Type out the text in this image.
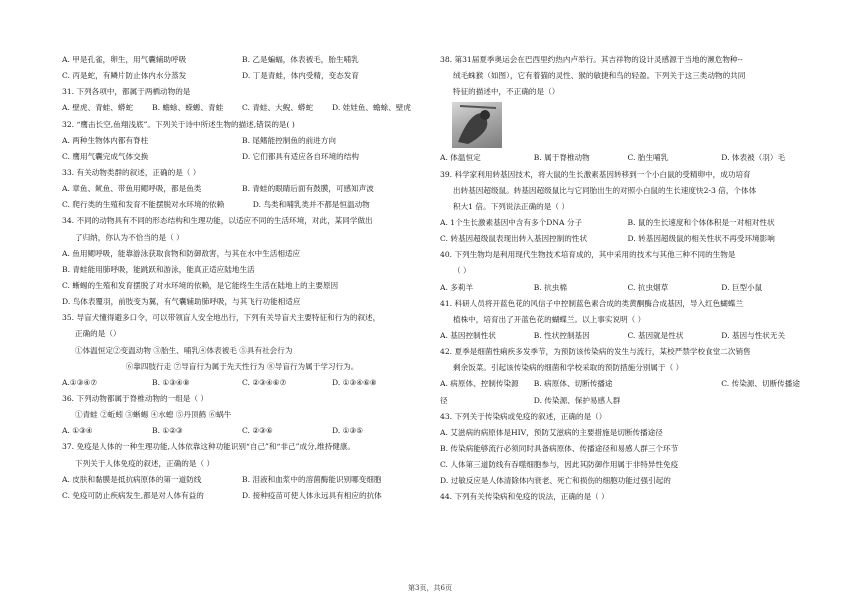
A. 甲是孔雀，卵生，用气囊辅助呼吸	B. 乙是蝙蝠，体表被毛，胎生哺乳
C. 丙是蛇，有鳞片防止体内水分蒸发	D. 丁是青蛙，体内受精，变态发育
31. 下列各项中，都属于两栖动物的是
A. 壁虎、青蛙、蟒蛇	B. 蟾蜍、蝾螈、青蛙	C. 青蛙、大鲵、蟒蛇	D. 娃娃鱼、蟾蜍、壁虎
32. “鹰击长空,鱼翔浅底”。下列关于诗中所述生物的描述,错误的是( )
A. 两种生物体内都有脊柱	B. 尾鳍能控制鱼的前进方向
C. 鹰用气囊完成气体交换	D. 它们都具有适应各自环境的结构
33. 有关动物类群的叙述，正确的是（ ）
A. 章鱼、鱿鱼、带鱼用鳃呼吸，都是鱼类	B. 青蛙的眼睛后面有鼓膜，可感知声波
C. 爬行类的生殖和发育不能摆脱对水环境的依赖	D. 鸟类和哺乳类并不都是恒温动物
34. 不同的动物具有不同的形态结构和生理功能，以适应不同的生活环境，对此，某同学做出
了归纳，你认为不恰当的是（ ）
A. 鱼用鳃呼吸，能靠游泳获取食物和防御敌害，与其在水中生活相适应
B. 青蛙能用肺呼吸，能跳跃和游泳，能真正适应陆地生活
C. 蜥蜴的生殖和发育摆脱了对水环境的依赖，是它能终生生活在陆地上的主要原因
D. 鸟体表覆羽，前肢变为翼，有气囊辅助肺呼吸，与其飞行功能相适应
35. 导盲犬懂得避多口令，可以带领盲人安全地出行，下列有关导盲犬主要特征和行为的叙述，
正确的是（）
①体温恒定②变温动物 ③胎生、哺乳④体表被毛 ⑤具有社会行为
⑥靠四肢行走 ⑦导盲行为属于先天性行为 ⑧导盲行为属于学习行为。
A.①③④⑦	B. ①③④⑧	C. ②③④⑥⑦	D. ①③④⑥⑧
36. 下列动物都属于脊椎动物的一组是（ ）
①青蛙 ②蚯蚓 ③蜥蜴 ④水螅 ⑤丹顶鹤 ⑥蜗牛
A. ①③④	B. ①②③	C. ②③⑥	D. ①③⑤
37. 免疫是人体的一种生理功能,人体依靠这种功能识别“自己”和“非己”成分,维持健康。
下列关于人体免疫的叙述，正确的是（ ）
A. 皮肤和黏膜是抵抗病原体的第一道防线	B. 泪液和血浆中的溶菌酶能识别哪变细胞
C. 免疫可防止疾病发生,都是对人体有益的	D. 接种疫苗可使人体永远具有相应的抗体
38. 第31届夏季奥运会在巴西里约热内卢举行。其吉祥物的设计灵感源于当地的濒危物种--
绒毛蛛猴（如图），它有着猫的灵性、猴的敏捷和鸟的轻盈。下列关于这三类动物的共同
特征的描述中，不正确的是（）
A. 体温恒定	B. 属于脊椎动物	C. 胎生哺乳	D. 体表被（羽）毛
39. 科学家利用转基因技术，将大鼠的生长激素基因转移到一个小白鼠的受精卵中，成功培育
出转基因超级鼠。转基因超级鼠比与它同胎出生的对照小白鼠的生长速度快2-3 倍，个体体
积大1 倍。下列说法正确的是（ ）
A. 1个生长激素基因中含有多个DNA 分子	B. 鼠的生长速度和个体体积是一对相对性状
C. 转基因超级鼠表现出转入基因控制的性状	D. 转基因超级鼠的相关性状不再受环境影响
40. 下列生物均是利用现代生物技术培育成的，其中采用的技术与其他三种不同的生物是
（ ）
A. 多莉羊	B. 抗虫棉	C. 抗虫烟草	D. 巨型小鼠
41. 科研人员将开蓝色花的风信子中控制蓝色素合成的类黄酮酶合成基因，导入红色蝴蝶兰
植株中，培育出了开蓝色花的蝴蝶兰。以上事实说明（ ）
A. 基因控制性状	B. 性状控制基因	C. 基因就是性状	D. 基因与性状无关
42. 夏季是细菌性痢疾多发季节，为预防该传染病的发生与流行，某校严禁学校食堂二次销售
剩余饭菜。引起该传染病的细菌和学校采取的预防措施分别属于（ ）
A. 病原体、控制传染源	B. 病原体、切断传播途	C. 传染源、切断传播途
径	D. 传染源、保护易感人群
43. 下列关于传染病或免疫的叙述，正确的是（）
A. 艾滋病的病原体是HIV，预防艾滋病的主要措施是切断传播途径
B. 传染病能够流行必须同时具备病原体、传播途径和易感人群三个环节
C. 人体第三道防线有吞噬细胞参与，因此其防御作用属于非特异性免疫
D. 过敏反应是人体清除体内衰老、死亡和损伤的细胞功能过强引起的
44. 下列有关传染病和免疫的说法，正确的是（ ）
第3页，共6页
